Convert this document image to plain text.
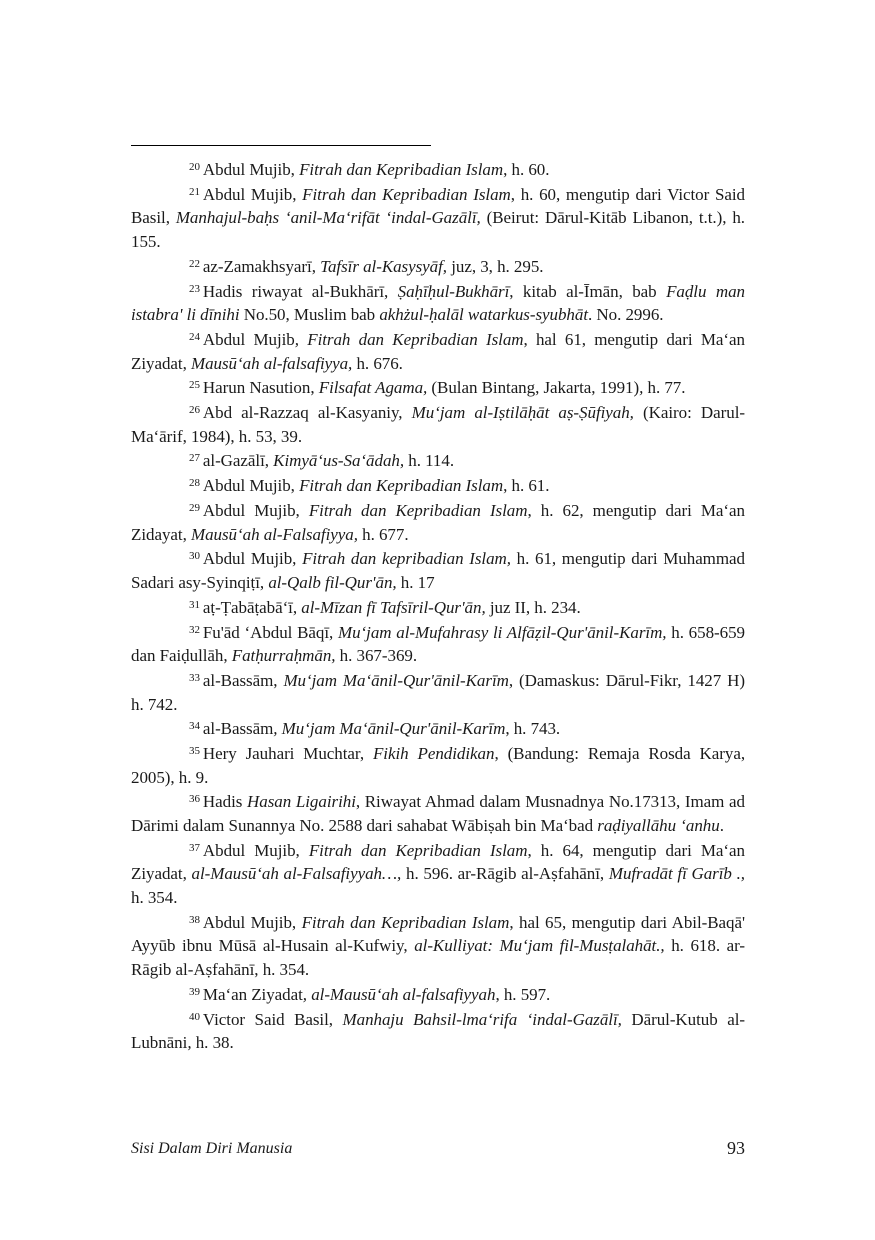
$^{20}$ Abdul Mujib, Fitrah dan Kepribadian Islam, h. 60.

$^{21}$ Abdul Mujib, Fitrah dan Kepribadian Islam, h. 60, mengutip dari Victor Said Basil, Manhajul-baḥs ‘anil-Ma‘rifāt ‘indal-Gazālī, (Beirut: Dārul-Kitāb Libanon, t.t.), h. 155.

$^{22}$ az-Zamakhsyarī, Tafsīr al-Kasysyāf, juz, 3, h. 295.

$^{23}$ Hadis riwayat al-Bukhārī, Ṣaḥīḥul-Bukhārī, kitab al-Īmān, bab Faḍlu man istabra' li dīnihi No.50, Muslim bab akhżul-ḥalāl watarkus-syubhāt. No. 2996.

$^{24}$ Abdul Mujib, Fitrah dan Kepribadian Islam, hal 61, mengutip dari Ma‘an Ziyadat, Mausū‘ah al-falsafiyya, h. 676.

$^{25}$ Harun Nasution, Filsafat Agama, (Bulan Bintang, Jakarta, 1991), h. 77.

$^{26}$ Abd al-Razzaq al-Kasyaniy, Mu‘jam al-Iṣtilāḥāt aṣ-Ṣūfiyah, (Kairo: Darul-Ma‘ārif, 1984), h. 53, 39.

$^{27}$ al-Gazālī, Kimyā‘us-Sa‘ādah, h. 114.

$^{28}$ Abdul Mujib, Fitrah dan Kepribadian Islam, h. 61.

$^{29}$ Abdul Mujib, Fitrah dan Kepribadian Islam, h. 62, mengutip dari Ma‘an Zidayat, Mausū‘ah al-Falsafiyya, h. 677.

$^{30}$ Abdul Mujib, Fitrah dan kepribadian Islam, h. 61, mengutip dari Muhammad Sadari asy-Syinqiṭī, al-Qalb fil-Qur'ān, h. 17

$^{31}$ aṭ-Ṭabāṭabā‘ī, al-Mīzan fī Tafsīril-Qur'ān, juz II, h. 234.

$^{32}$ Fu'ād ‘Abdul Bāqī, Mu‘jam al-Mufahrasy li Alfāẓil-Qur'ānil-Karīm, h. 658-659 dan Faiḍullāh, Fatḥurraḥmān, h. 367-369.

$^{33}$ al-Bassām, Mu‘jam Ma‘ānil-Qur'ānil-Karīm, (Damaskus: Dārul-Fikr, 1427 H) h. 742.

$^{34}$ al-Bassām, Mu‘jam Ma‘ānil-Qur'ānil-Karīm, h. 743.

$^{35}$ Hery Jauhari Muchtar, Fikih Pendidikan, (Bandung: Remaja Rosda Karya, 2005), h. 9.

$^{36}$ Hadis Hasan Ligairihi, Riwayat Ahmad dalam Musnadnya No.17313, Imam ad Dārimi dalam Sunannya No. 2588 dari sahabat Wābiṣah bin Ma‘bad raḍiyallāhu ‘anhu.

$^{37}$ Abdul Mujib, Fitrah dan Kepribadian Islam, h. 64, mengutip dari Ma‘an Ziyadat, al-Mausū‘ah al-Falsafiyyah…, h. 596. ar-Rāgib al-Aṣfahānī, Mufradāt fī Garīb ., h. 354.

$^{38}$ Abdul Mujib, Fitrah dan Kepribadian Islam, hal 65, mengutip dari Abil-Baqā' Ayyūb ibnu Mūsā al-Husain al-Kufwiy, al-Kulliyat: Mu‘jam fil-Musṭalahāt., h. 618. ar-Rāgib al-Aṣfahānī, h. 354.

$^{39}$ Ma‘an Ziyadat, al-Mausū‘ah al-falsafiyyah, h. 597.

$^{40}$ Victor Said Basil, Manhaju Bahsil-lma‘rifa ‘indal-Gazālī, Dārul-Kutub al-Lubnāni, h. 38.

Sisi Dalam Diri Manusia	93
